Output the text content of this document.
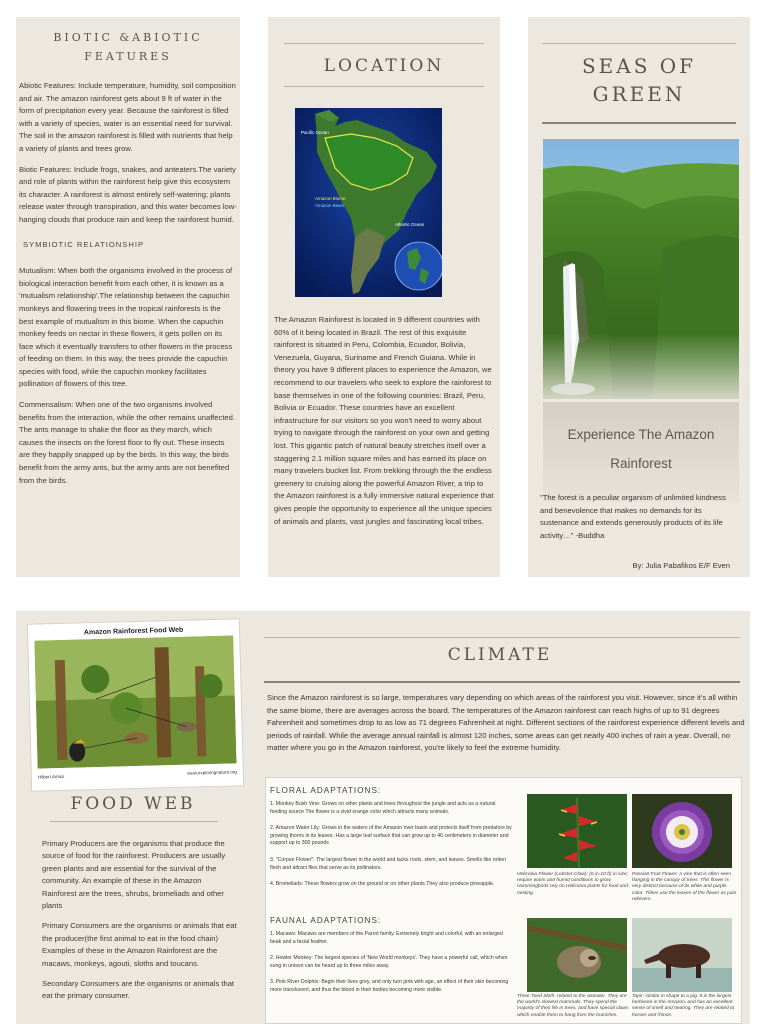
BIOTIC &ABIOTIC FEATURES
Abiotic Features: Include temperature, humidity, soil composition and air. The amazon rainforest gets about 9 ft of water in the form of precipitation every year. Because the rainforest is filled with a variety of species, water is an essential need for survival. The soil in the amazon rainforest is filled with nutrients that help a variety of plants and trees grow.
Biotic Features: Include frogs, snakes, and anteaters.The variety and role of plants within the rainforest help give this ecosystem its character. A rainforest is almost entirely self-watering; plants release water through transpiration, and this water becomes low-hanging clouds that produce rain and keep the rainforest humid.
SYMBIOTIC RELATIONSHIP
Mutualism: When both the organisms involved in the process of biological interaction benefit from each other, it is known as a 'mutualism relationship'.The relationship between the capuchin monkeys and flowering trees in the tropical rainforests is the best example of mutualism in this biome. When the capuchin monkey feeds on nectar in these flowers, it gets pollen on its face which it eventually transfers to other flowers in the process of feeding on them. In this way, the trees provide the capuchin species with food, while the capuchin monkey facilitates pollination of flowers of this tree.
Commensalism: When one of the two organisms involved benefits from the interaction, while the other remains unaffected. The ants manage to shake the floor as they march, which causes the insects on the forest floor to fly out. These insects are they happily snapped up by the birds. In this way, the birds benefit from the army ants, but the army ants are not benefited from the birds.
LOCATION
Pacific Ocean
Amazon Biome
Amazon Basin
Atlantic Ocean
The Amazon Rainforest is located in 9 different countries with 60% of it being located in Brazil. The rest of this exquisite rainforest is situated in Peru, Colombia, Ecuador, Bolivia, Venezuela, Guyana, Suriname and French Guiana. While in theory you have 9 different places to experience the Amazon, we recommend to our travelers who seek to explore the rainforest to base themselves in one of the following countries: Brazil, Peru, Bolivia or Ecuador. These countries have an excellent infrastructure for our visitors so you won't need to worry about trying to navigate through the rainforest on your own and getting lost. This gigantic patch of natural beauty stretches itself over a staggering 2.1 million square miles and has earned its place on many travelers bucket list. From trekking through the the endless greenery to cruising along the powerful Amazon River, a trip to the Amazon rainforest is a fully immersive natural experience that gives people the opportunity to experience all the unique species of animals and plants, vast jungles and fascinating local tribes.
SEAS OF GREEN
Experience The Amazon
Rainforest
"The forest is a peculiar organism of unlimited kindness and benevolence that makes no demands for its sustenance and extends generously products of its life activity…" -Buddha
By: Julia Pabafikos E/F Even
Amazon Rainforest Food Web
Hilbert Amazi
www.exploringnature.org
FOOD WEB
Primary Producers are the organisms that produce the source of food for the rainforest. Producers are usually green plants and are essential for the survival of the community. An example of these in the Amazon Rainforest are the trees, shrubs, bromeliads and other plants
Primary Consumers are the organisms or animals that eat the producer(the first animal to eat in the food chain) Examples of these in the Amazon Rainforest are the macaws, monkeys, agouti, sloths and toucans.
Secondary Consumers are the organisms or animals that eat the primary consumer.
CLIMATE
Since the Amazon rainforest is so large, temperatures vary depending on which areas of the rainforest you visit. However, since it's all within the same biome, there are averages across the board. The temperatures of the Amazon rainforest can reach highs of up to 91 degrees Fahrenheit and sometimes drop to as low as 71 degrees Fahrenheit at night. Different sections of the rainforest experience different levels and periods of rainfall. While the average annual rainfall is almost 120 inches, some areas can get nearly 400 inches of rain a year. Overall, no matter where you go in the Amazon rainforest, you're likely to feel the extreme humidity.
FLORAL ADAPTATIONS:
1. Monkey Bush Vine: Grows on other plants and trees throughout the jungle and acts as a natural feeding source The flower is a vivid orange color which attracts many animals.
2. Amazon Water Lily: Grows in the waters of the Amazon river basin and protects itself from predators by growing thorns in its leaves. Has a large leaf surface that can grow up to 46 centimeters in diameter and support up to 300 pounds
3. "Corpse Flower": The largest flower in the world and lacks roots, stem, and leaves. Smells like rotten flesh and attract flies that serve as its pollinators.
4. Bromeliads: These flowers grow on the ground or on other plants.They also produce pineapple.
FAUNAL ADAPTATIONS:
1. Macaws: Macaws are members of the Parrot family. Extremely bright and colorful, with an enlarged beak and a facial feather.
2. Howler Monkey: The largest species of 'New World monkeys'. They have a powerful call, which when sung in unison can be heard up to three miles away.
3. Pink River Dolphin: Begin their lives grey, and only turn pink with age, an effect of their skin becoming more translucent, and thus the blood in their bodies becoming more visible.
Heliconia Flower (Lobster-Claw): (6 in-10 ft) in size; require warm and humid conditions to grow. Hummingbirds rely on Heliconia plants for food and nesting.
Passion Fruit Flower: a vine that is often seen hanging in the canopy of trees. This flower is very distinct because of its white and purple color. Tribes use the leaves of the flower as pain relievers.
Three Toed Sloth: related to the anteater. They are the world's slowest mammals. They spend the majority of their life in trees, and have special claws which enable them to hang from the branches.
Tapir: similar in shape to a pig. It is the largest herbivore in the Amazon, and has an excellent sense of smell and hearing. They are related to horses and rhinos.
